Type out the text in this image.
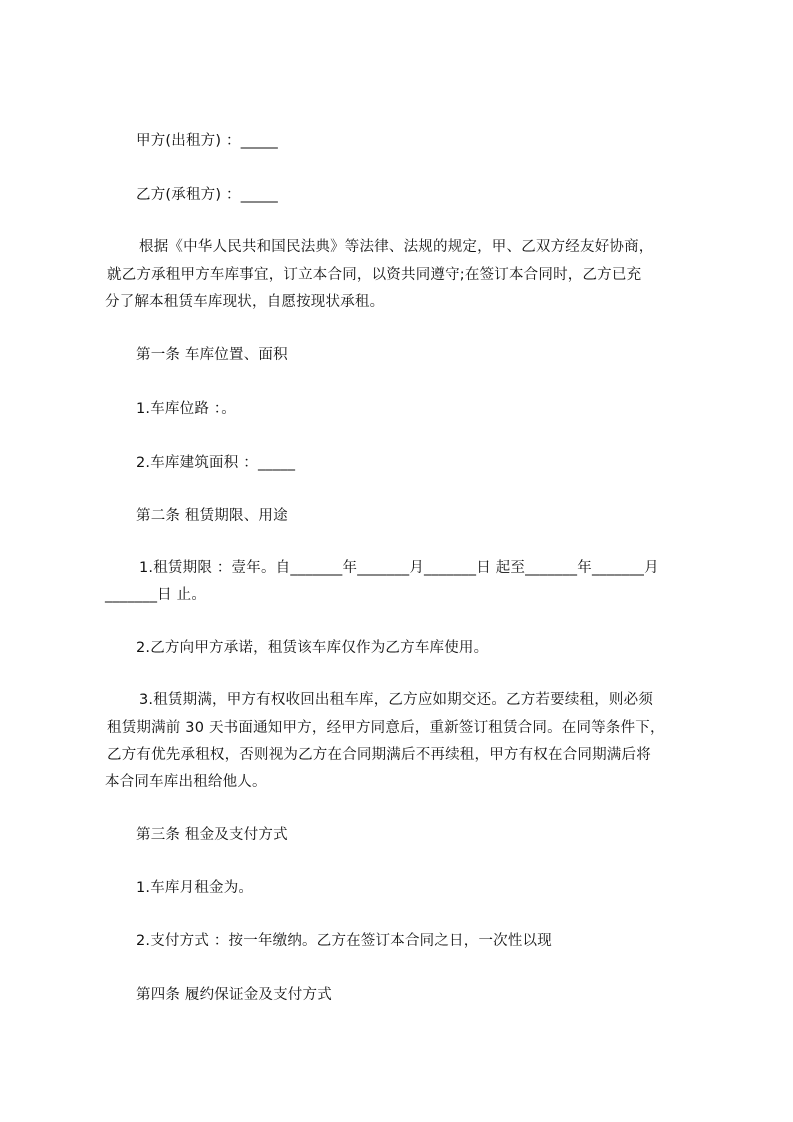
甲方(出租方) ：_____
乙方(承租方) ：_____
根据《中华人民共和国民法典》等法律、法规的规定，甲、乙双方经友好协商，
就乙方承租甲方车库事宜，订立本合同，以资共同遵守;在签订本合同时，乙方已充
分了解本租赁车库现状，自愿按现状承租。
第一条 车库位置、面积
1.车库位路 ：。
2.车库建筑面积 ：_____
第二条 租赁期限、用途
1.租赁期限 ：壹年。自_______年_______月_______日 起至_______年_______月
_______日 止。
2.乙方向甲方承诺，租赁该车库仅作为乙方车库使用。
3.租赁期满，甲方有权收回出租车库，乙方应如期交还。乙方若要续租，则必须
租赁期满前 30 天书面通知甲方，经甲方同意后，重新签订租赁合同。在同等条件下，
乙方有优先承租权，否则视为乙方在合同期满后不再续租，甲方有权在合同期满后将
本合同车库出租给他人。
第三条 租金及支付方式
1.车库月租金为。
2.支付方式 ：按一年缴纳。乙方在签订本合同之日，一次性以现
第四条 履约保证金及支付方式
